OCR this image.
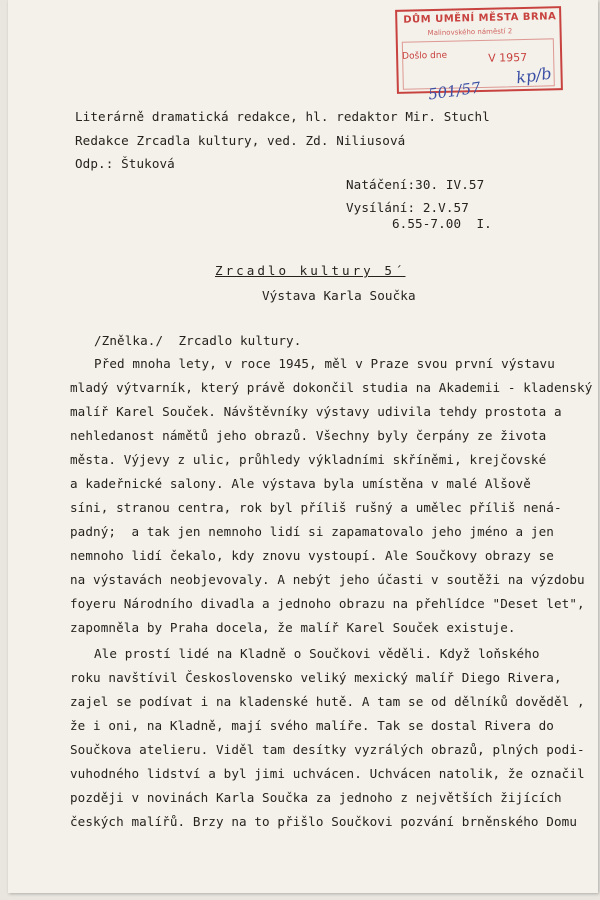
DŮM UMĚNÍ MĚSTA BRNA
Malinovského náměstí 2
Došlo dne	V 1957
501/57
kp/b
Literárně dramatická redakce, hl. redaktor Mir. Stuchl
Redakce Zrcadla kultury, ved. Zd. Niliusová
Odp.: Štuková
Natáčení:30. IV.57
Vysílání: 2.V.57
6.55-7.00  I.
Zrcadlo kultury 5´
Výstava Karla Součka
/Znělka./  Zrcadlo kultury.
Před mnoha lety, v roce 1945, měl v Praze svou první výstavu
mladý výtvarník, který právě dokončil studia na Akademii - kladenský
malíř Karel Souček. Návštěvníky výstavy udivila tehdy prostota a
nehledanost námětů jeho obrazů. Všechny byly čerpány ze života
města. Výjevy z ulic, průhledy výkladními skříněmi, krejčovské
a kadeřnické salony. Ale výstava byla umístěna v malé Alšově
síni, stranou centra, rok byl příliš rušný a umělec příliš nená-
padný;  a tak jen nemnoho lidí si zapamatovalo jeho jméno a jen
nemnoho lidí čekalo, kdy znovu vystoupí. Ale Součkovy obrazy se
na výstavách neobjevovaly. A nebýt jeho účasti v soutěži na výzdobu
foyeru Národního divadla a jednoho obrazu na přehlídce "Deset let",
zapomněla by Praha docela, že malíř Karel Souček existuje.
Ale prostí lidé na Kladně o Součkovi věděli. Když loňského
roku navštívil Československo veliký mexický malíř Diego Rivera,
zajel se podívat i na kladenské hutě. A tam se od dělníků dověděl ,
že i oni, na Kladně, mají svého malíře. Tak se dostal Rivera do
Součkova atelieru. Viděl tam desítky vyzrálých obrazů, plných podi-
vuhodného lidství a byl jimi uchvácen. Uchvácen natolik, že označil
později v novinách Karla Součka za jednoho z největších žijících
českých malířů. Brzy na to přišlo Součkovi pozvání brněnského Domu
